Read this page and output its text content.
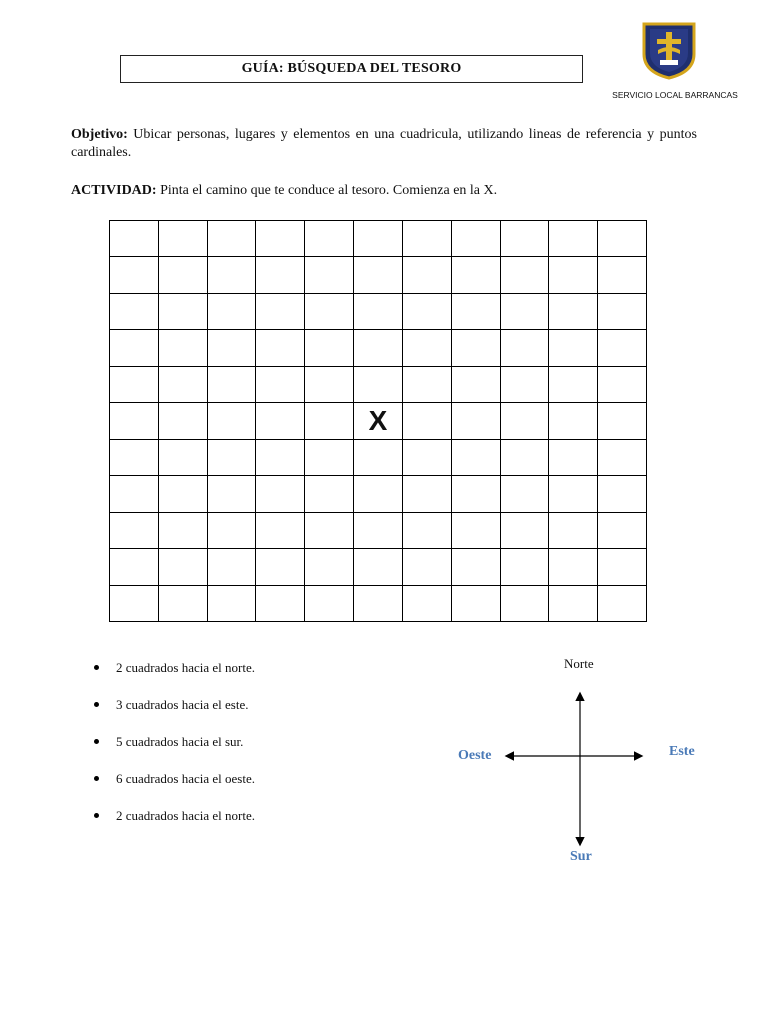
GUÍA: BÚSQUEDA DEL TESORO
SERVICIO LOCAL BARRANCAS
Objetivo: Ubicar personas, lugares y elementos en una cuadricula, utilizando lineas de referencia y puntos cardinales.
ACTIVIDAD: Pinta el camino que te conduce al tesoro. Comienza en la X.
X
2 cuadrados hacia el norte.
3 cuadrados hacia el este.
5 cuadrados hacia el sur.
6 cuadrados hacia el oeste.
2 cuadrados hacia el norte.
Norte
Sur
Este
Oeste
